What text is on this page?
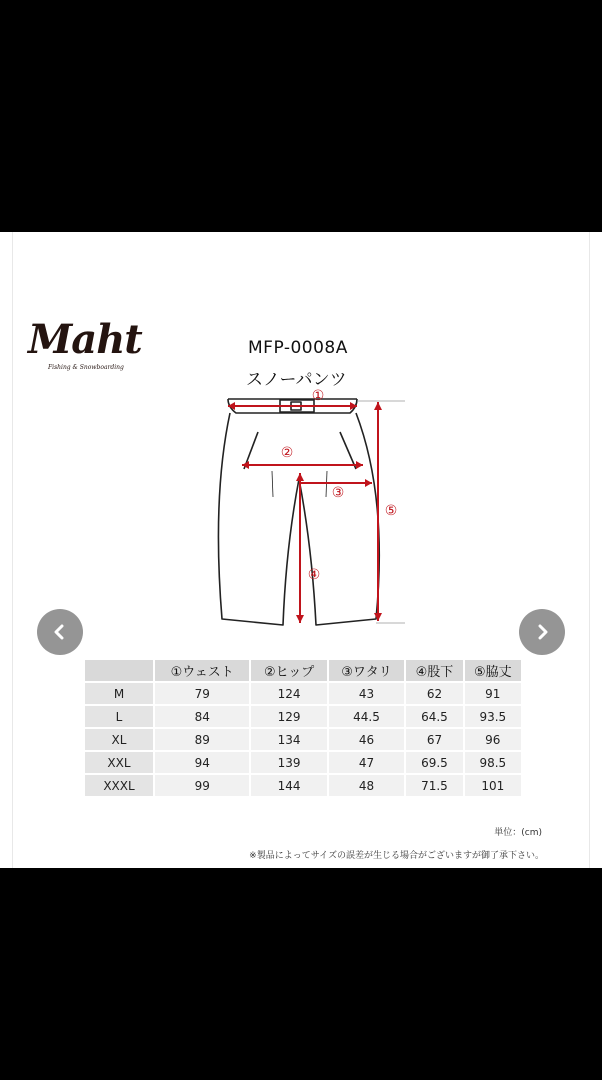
Maht
Fishing & Snowboarding
MFP-0008A
スノーパンツ
①
②
③
④
⑤
	①ウェスト	②ヒップ	③ワタリ	④股下	⑤脇丈
M	79	124	43	62	91
L	84	129	44.5	64.5	93.5
XL	89	134	46	67	96
XXL	94	139	47	69.5	98.5
XXXL	99	144	48	71.5	101
単位：(cm)
※製品によってサイズの誤差が生じる場合がございますが御了承下さい。
